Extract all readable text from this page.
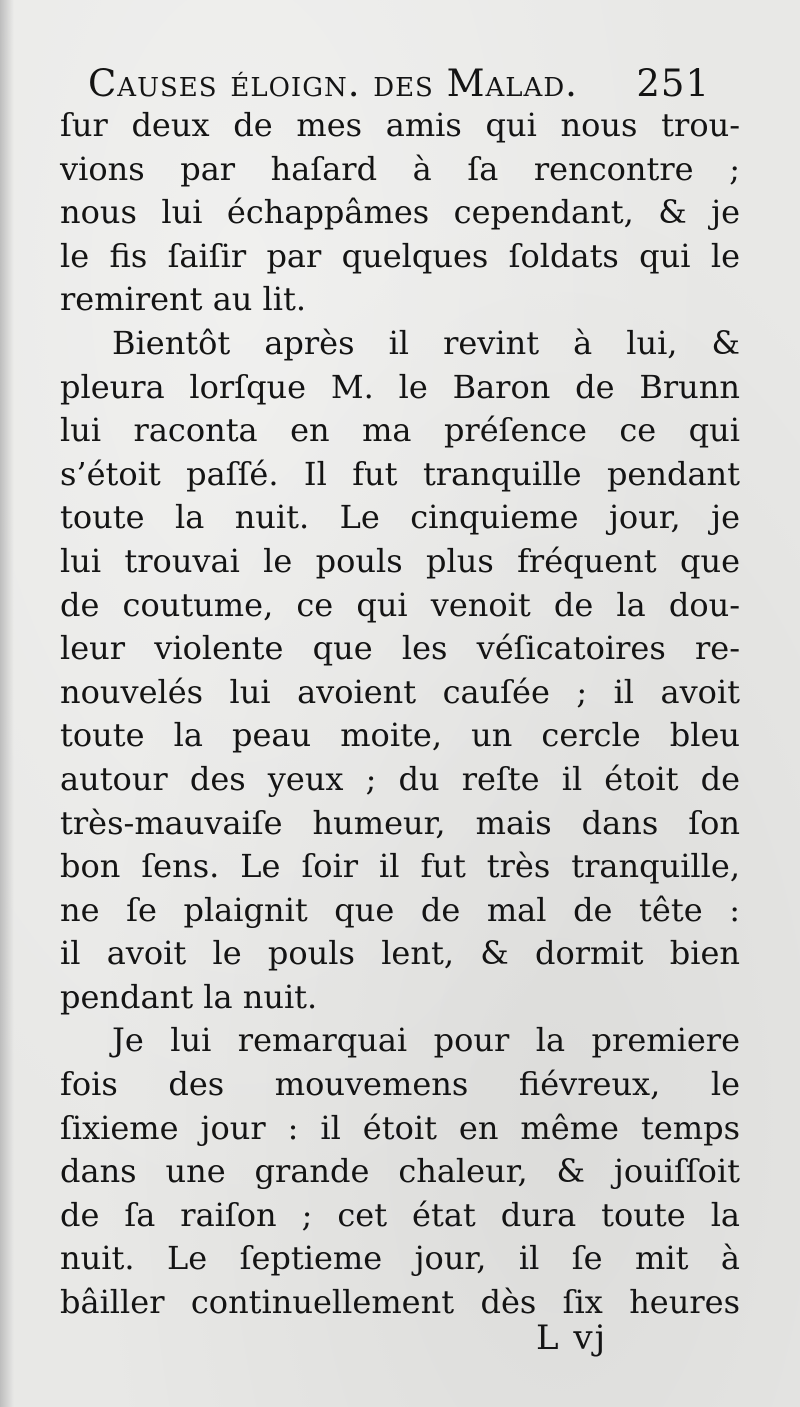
Causes éloign. des Malad. 251
ſur deux de mes amis qui nous trou-
vions par haſard à ſa rencontre ;
nous lui échappâmes cependant, & je
le fis ſaiſir par quelques ſoldats qui le
remirent au lit.
Bientôt après il revint à lui, &
pleura lorſque M. le Baron de Brunn
lui raconta en ma préſence ce qui
s’étoit paſſé. Il fut tranquille pendant
toute la nuit. Le cinquieme jour, je
lui trouvai le pouls plus fréquent que
de coutume, ce qui venoit de la dou-
leur violente que les véſicatoires re-
nouvelés lui avoient cauſée ; il avoit
toute la peau moite, un cercle bleu
autour des yeux ; du reſte il étoit de
très-mauvaiſe humeur, mais dans ſon
bon ſens. Le ſoir il fut très tranquille,
ne ſe plaignit que de mal de tête :
il avoit le pouls lent, & dormit bien
pendant la nuit.
Je lui remarquai pour la premiere
fois des mouvemens fiévreux, le
ſixieme jour : il étoit en même temps
dans une grande chaleur, & jouiſſoit
de ſa raiſon ; cet état dura toute la
nuit. Le ſeptieme jour, il ſe mit à
bâiller continuellement dès ſix heures
L vj
